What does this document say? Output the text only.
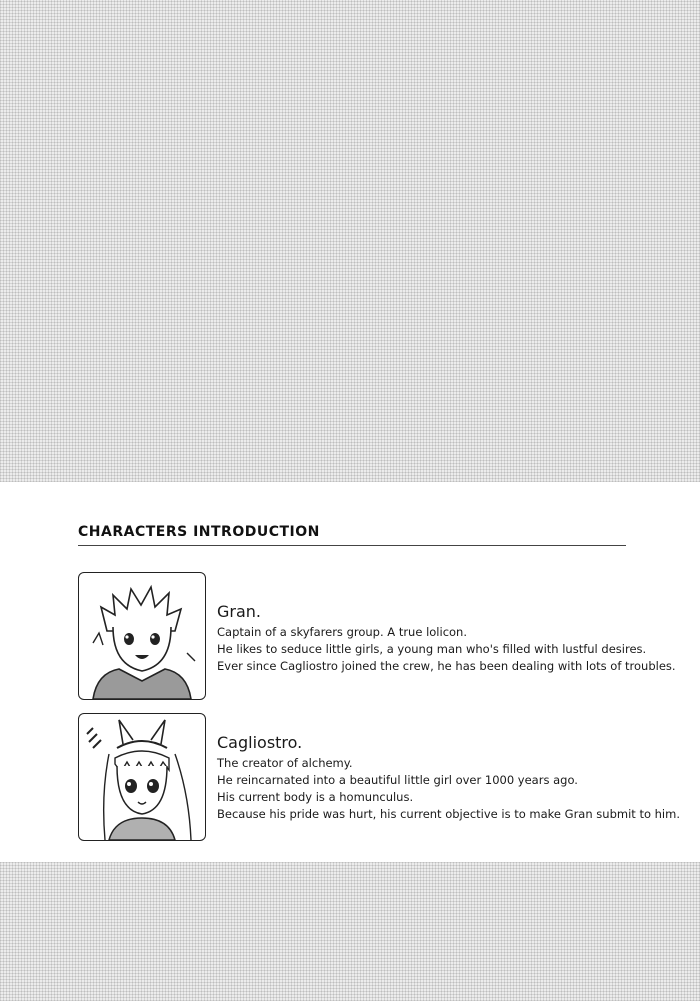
CHARACTERS INTRODUCTION
Gran.
Captain of a skyfarers group. A true lolicon.
He likes to seduce little girls, a young man who's filled with lustful desires.
Ever since Cagliostro joined the crew, he has been dealing with lots of troubles.
Cagliostro.
The creator of alchemy.
He reincarnated into a beautiful little girl over 1000 years ago.
His current body is a homunculus.
Because his pride was hurt, his current objective is to make Gran submit to him.
